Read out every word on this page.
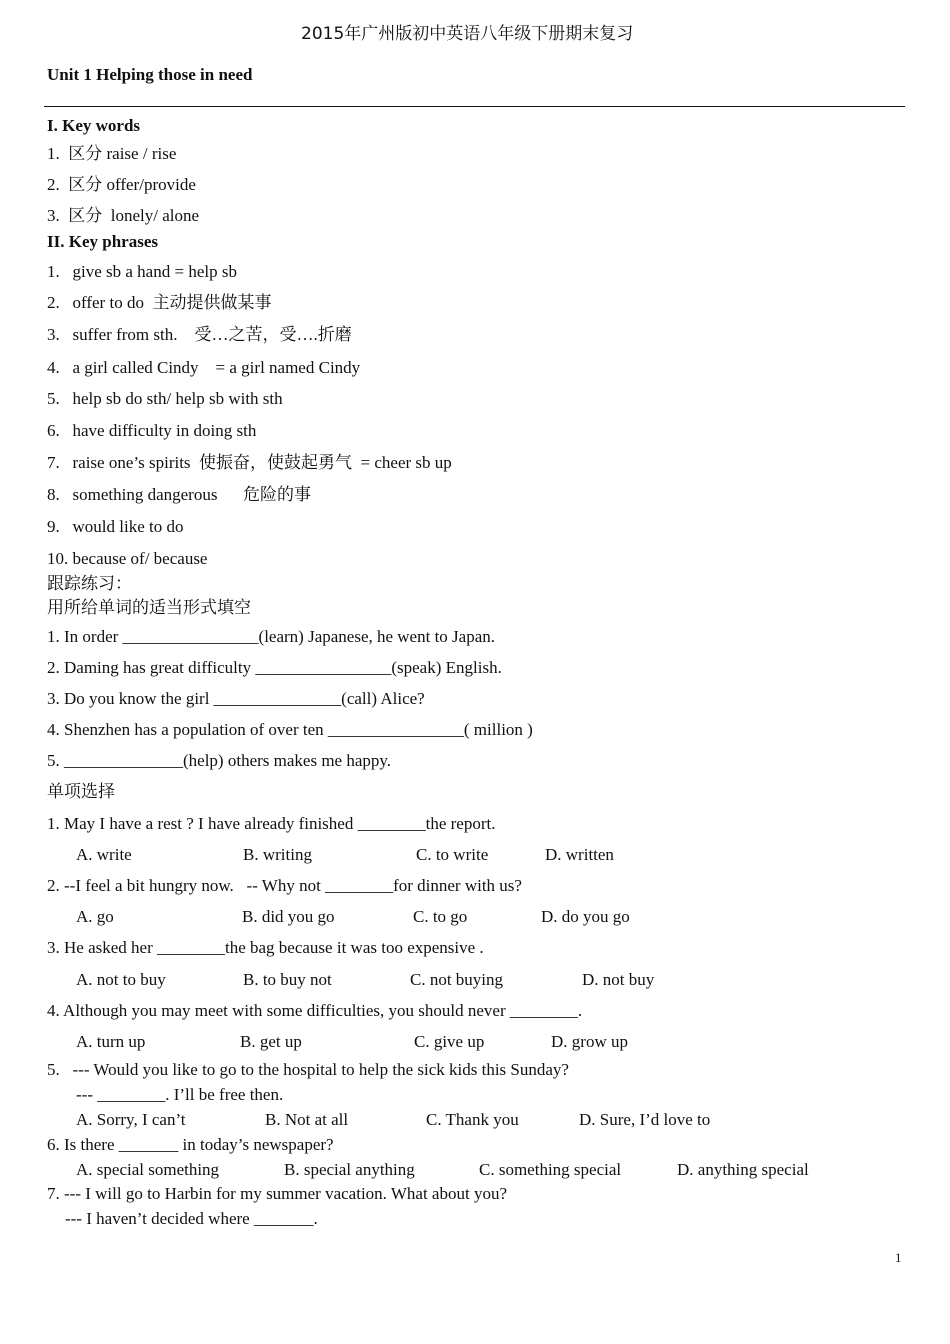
2015年广州版初中英语八年级下册期末复习
Unit 1 Helping those in need
I. Key words
1.  区分 raise / rise
2.  区分 offer/provide
3.  区分  lonely/ alone
II. Key phrases
1.   give sb a hand = help sb
2.   offer to do  主动提供做某事
3.   suffer from sth.    受…之苦，受….折磨
4.   a girl called Cindy    = a girl named Cindy
5.   help sb do sth/ help sb with sth
6.   have difficulty in doing sth
7.   raise one’s spirits  使振奋，使鼓起勇气  = cheer sb up
8.   something dangerous      危险的事
9.   would like to do
10. because of/ because
跟踪练习：
用所给单词的适当形式填空
1. In order ________________(learn) Japanese, he went to Japan.
2. Daming has great difficulty ________________(speak) English.
3. Do you know the girl _______________(call) Alice?
4. Shenzhen has a population of over ten ________________( million )
5. ______________(help) others makes me happy.
单项选择
1. May I have a rest ? I have already finished ________the report.
A. write	B. writing	C. to write	D. written
2. --I feel a bit hungry now.   -- Why not ________for dinner with us?
A. go	B. did you go	C. to go	D. do you go
3. He asked her ________the bag because it was too expensive .
A. not to buy	B. to buy not	C. not buying	D. not buy
4. Although you may meet with some difficulties, you should never ________.
A. turn up	B. get up	C. give up	D. grow up
5.   --- Would you like to go to the hospital to help the sick kids this Sunday?
--- ________. I’ll be free then.
A. Sorry, I can’t	B. Not at all	C. Thank you	D. Sure, I’d love to
6. Is there _______ in today’s newspaper?
A. special something	B. special anything	C. something special	D. anything special
7. --- I will go to Harbin for my summer vacation. What about you?
--- I haven’t decided where _______.
1
